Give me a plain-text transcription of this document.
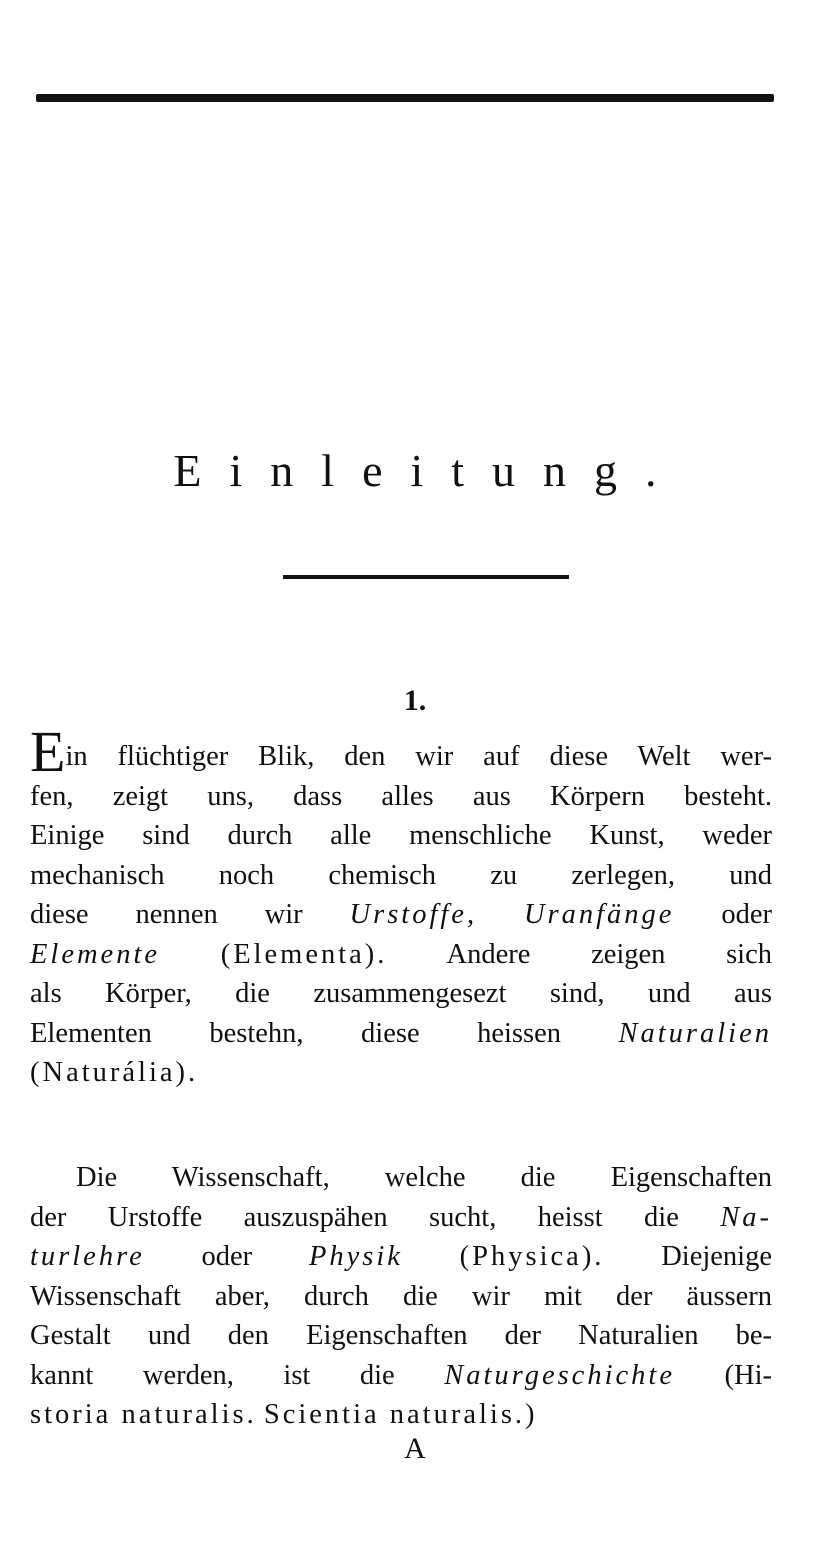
Einleitung.
1.
Ein flüchtiger Blik, den wir auf diese Welt wer-
fen, zeigt uns, dass alles aus Körpern besteht.
Einige sind durch alle menschliche Kunst, weder
mechanisch noch chemisch zu zerlegen, und
diese nennen wir Urstoffe, Uranfänge oder
Elemente (Elementa). Andere zeigen sich
als Körper, die zusammengesezt sind, und aus
Elementen bestehn, diese heissen Naturalien
(Naturália).
Die Wissenschaft, welche die Eigenschaften
der Urstoffe auszuspähen sucht, heisst die Na-
turlehre oder Physik (Physica). Diejenige
Wissenschaft aber, durch die wir mit der äussern
Gestalt und den Eigenschaften der Naturalien be-
kannt werden, ist die Naturgeschichte (Hi-
storia naturalis. Scientia naturalis.)
A
